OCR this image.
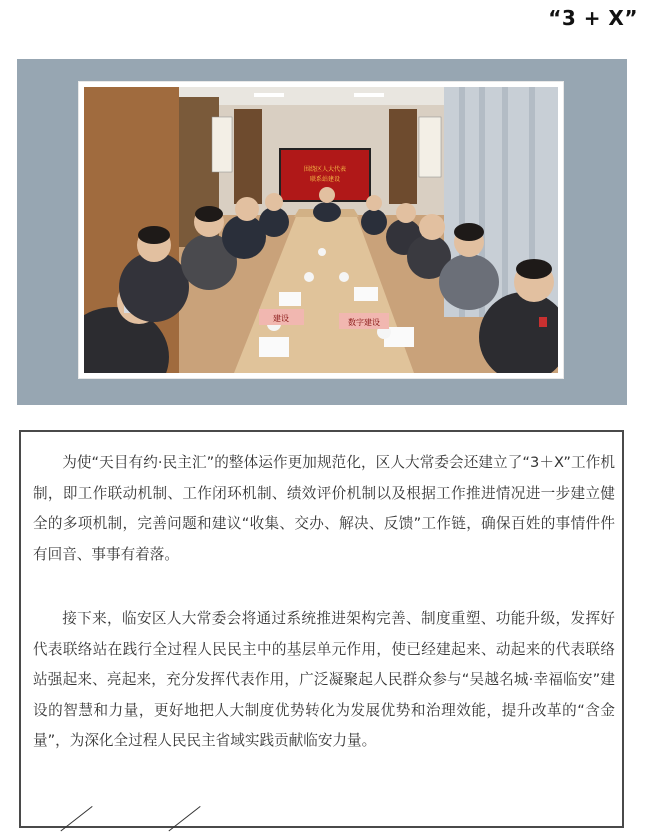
“3 + X”
围绕区人大代表
联系站建设
建设	数字建设

为使“天目有约·民主汇”的整体运作更加规范化，区人大常委会还建立了“3＋X”工作机制，即工作联动机制、工作闭环机制、绩效评价机制以及根据工作推进情况进一步建立健全的多项机制，完善问题和建议“收集、交办、解决、反馈”工作链，确保百姓的事情件件有回音、事事有着落。

接下来，临安区人大常委会将通过系统推进架构完善、制度重塑、功能升级，发挥好代表联络站在践行全过程人民民主中的基层单元作用，使已经建起来、动起来的代表联络站强起来、亮起来，充分发挥代表作用，广泛凝聚起人民群众参与“吴越名城·幸福临安”建设的智慧和力量，更好地把人大制度优势转化为发展优势和治理效能，提升改革的“含金量”，为深化全过程人民民主省域实践贡献临安力量。
